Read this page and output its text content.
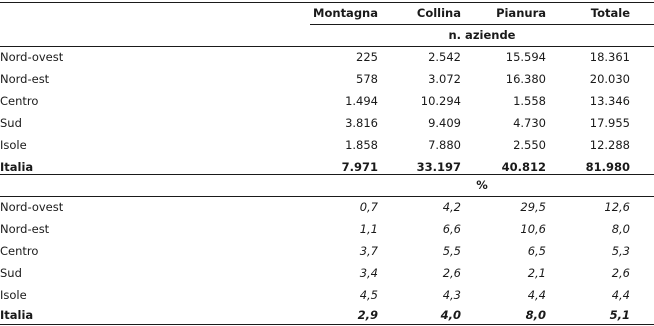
Montagna	Collina	Pianura	Totale
n. aziende
Nord-ovest	225	2.542	15.594	18.361
Nord-est	578	3.072	16.380	20.030
Centro	1.494	10.294	1.558	13.346
Sud	3.816	9.409	4.730	17.955
Isole	1.858	7.880	2.550	12.288
Italia	7.971	33.197	40.812	81.980
%
Nord-ovest	0,7	4,2	29,5	12,6
Nord-est	1,1	6,6	10,6	8,0
Centro	3,7	5,5	6,5	5,3
Sud	3,4	2,6	2,1	2,6
Isole	4,5	4,3	4,4	4,4
Italia	2,9	4,0	8,0	5,1
